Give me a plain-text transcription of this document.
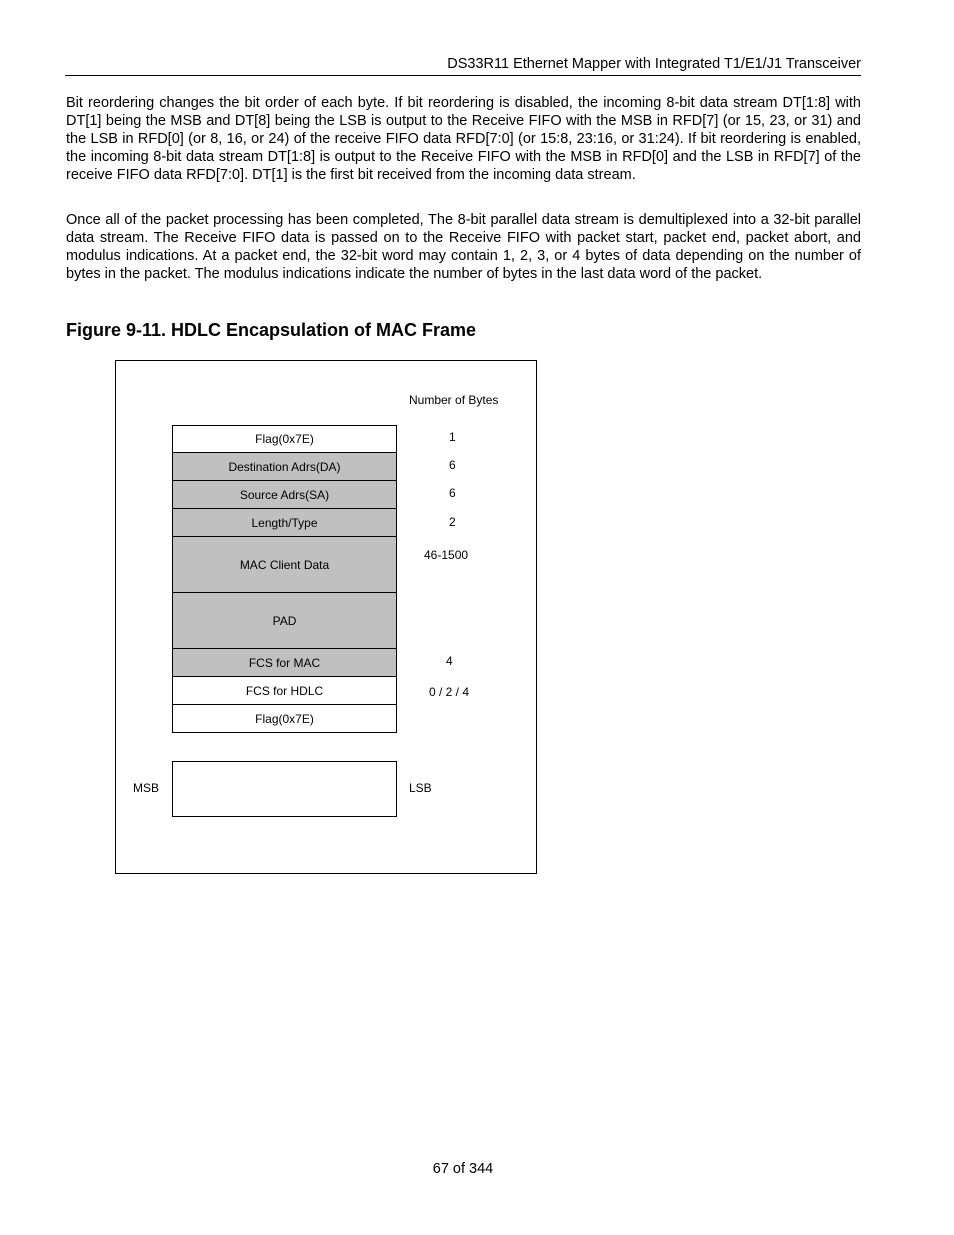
DS33R11 Ethernet Mapper with Integrated T1/E1/J1 Transceiver

Bit reordering changes the bit order of each byte. If bit reordering is disabled, the incoming 8-bit data stream DT[1:8] with DT[1] being the MSB and DT[8] being the LSB is output to the Receive FIFO with the MSB in RFD[7] (or 15, 23, or 31) and the LSB in RFD[0] (or 8, 16, or 24) of the receive FIFO data RFD[7:0] (or 15:8, 23:16, or 31:24). If bit reordering is enabled, the incoming 8-bit data stream DT[1:8] is output to the Receive FIFO with the MSB in RFD[0] and the LSB in RFD[7] of the receive FIFO data RFD[7:0]. DT[1] is the first bit received from the incoming data stream.

Once all of the packet processing has been completed, The 8-bit parallel data stream is demultiplexed into a 32-bit parallel data stream. The Receive FIFO data is passed on to the Receive FIFO with packet start, packet end, packet abort, and modulus indications. At a packet end, the 32-bit word may contain 1, 2, 3, or 4 bytes of data depending on the number of bytes in the packet. The modulus indications indicate the number of bytes in the last data word of the packet.

Figure 9-11. HDLC Encapsulation of MAC Frame
Number of Bytes
Flag(0x7E)
Destination Adrs(DA)
Source Adrs(SA)
Length/Type
MAC Client Data
PAD
FCS for MAC
FCS for HDLC
Flag(0x7E)
1
6
6
2
46-1500
4
0 / 2 / 4
MSB	LSB
67 of 344
